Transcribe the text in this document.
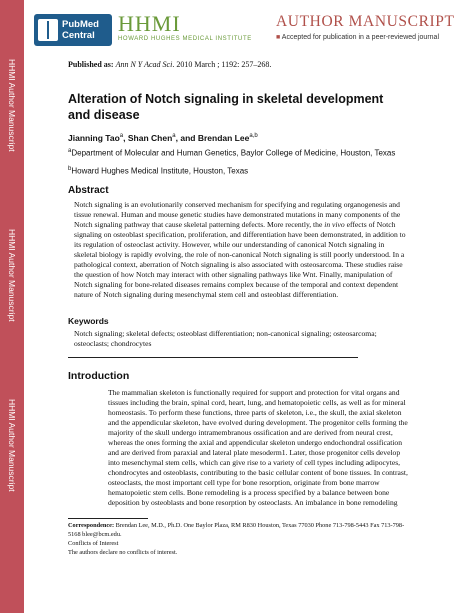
HHMI Author Manuscript
HHMI Author Manuscript
HHMI Author Manuscript
PubMed
Central HHMI
HOWARD HUGHES MEDICAL INSTITUTE
AUTHOR MANUSCRIPT
■ Accepted for publication in a peer-reviewed journal
Published as: Ann N Y Acad Sci. 2010 March ; 1192: 257–268.
Alteration of Notch signaling in skeletal development and disease
Jianning Tao$^a$, Shan Chen$^a$, and Brendan Lee$^{a,b}$
$^a$Department of Molecular and Human Genetics, Baylor College of Medicine, Houston, Texas
$^b$Howard Hughes Medical Institute, Houston, Texas
Abstract
Notch signaling is an evolutionarily conserved mechanism for specifying and regulating organogenesis and tissue renewal. Human and mouse genetic studies have demonstrated mutations in many components of the Notch signaling pathway that cause skeletal patterning defects. More recently, the in vivo effects of Notch signaling on osteoblast specification, proliferation, and differentiation have been demonstrated, in addition to its regulation of osteoclast activity. However, while our understanding of canonical Notch signaling in skeletal biology is rapidly evolving, the role of non-canonical Notch signaling is still poorly understood. In a pathological context, aberration of Notch signaling is also associated with osteosarcoma. These studies raise the question of how Notch may interact with other signaling pathways like Wnt. Finally, manipulation of Notch signaling for bone-related diseases remains complex because of the temporal and context dependent nature of Notch signaling during mesenchymal stem cell and osteoblast differentiation.
Keywords
Notch signaling; skeletal defects; osteoblast differentiation; non-canonical signaling; osteosarcoma; osteoclasts; chondrocytes
Introduction
The mammalian skeleton is functionally required for support and protection for vital organs and tissues including the brain, spinal cord, heart, lung, and hematopoietic cells, as well as for mineral homeostasis. To perform these functions, three parts of skeleton, i.e., the skull, the axial skeleton and the appendicular skeleton, have evolved during development. The progenitor cells forming the majority of the skull undergo intramembranous ossification and are derived from neural crest, whereas the ones forming the axial and appendicular skeleton undergo endochondral ossification and are derived from paraxial and lateral plate mesoderm1. Later, those progenitor cells develop into mesenchymal stem cells, which can give rise to a variety of cell types including adipocytes, chondrocytes and osteoblasts, contributing to the basic cellular content of bone tissues. In contrast, osteoclasts, the most important cell type for bone resorption, originate from bone marrow hematopoietic stem cells. Bone remodeling is a process specified by a balance between bone deposition by osteoblasts and bone resorption by osteoclasts. An imbalance in bone remodeling
Correspondence: Brendan Lee, M.D., Ph.D. One Baylor Plaza, RM R830 Houston, Texas 77030 Phone 713-798-5443 Fax 713-798-5168 blee@bcm.edu.
Conflicts of Interest
The authors declare no conflicts of interest.
